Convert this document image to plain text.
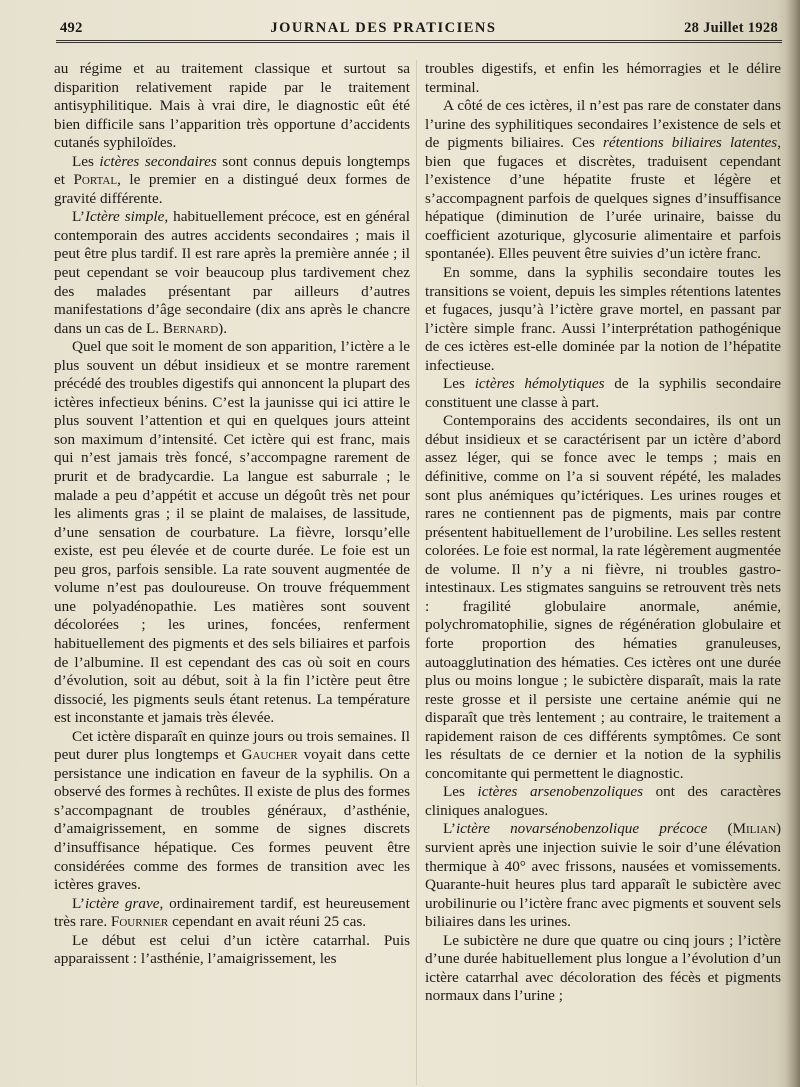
492	JOURNAL DES PRATICIENS	28 Juillet 1928

au régime et au traitement classique et surtout sa disparition relativement rapide par le traitement antisyphilitique. Mais à vrai dire, le diagnostic eût été bien difficile sans l’apparition très opportune d’accidents cutanés syphiloïdes.

Les ictères secondaires sont connus depuis longtemps et Portal, le premier en a distingué deux formes de gravité différente.

L’Ictère simple, habituellement précoce, est en général contemporain des autres accidents secondaires ; mais il peut être plus tardif. Il est rare après la première année ; il peut cependant se voir beaucoup plus tardivement chez des malades présentant par ailleurs d’autres manifestations d’âge secondaire (dix ans après le chancre dans un cas de L. Bernard).

Quel que soit le moment de son apparition, l’ictère a le plus souvent un début insidieux et se montre rarement précédé des troubles digestifs qui annoncent la plupart des ictères infectieux bénins. C’est la jaunisse qui ici attire le plus souvent l’attention et qui en quelques jours atteint son maximum d’intensité. Cet ictère qui est franc, mais qui n’est jamais très foncé, s’accompagne rarement de prurit et de bradycardie. La langue est saburrale ; le malade a peu d’appétit et accuse un dégoût très net pour les aliments gras ; il se plaint de malaises, de lassitude, d’une sensation de courbature. La fièvre, lorsqu’elle existe, est peu élevée et de courte durée. Le foie est un peu gros, parfois sensible. La rate souvent augmentée de volume n’est pas douloureuse. On trouve fréquemment une polyadénopathie. Les matières sont souvent décolorées ; les urines, foncées, renferment habituellement des pigments et des sels biliaires et parfois de l’albumine. Il est cependant des cas où soit en cours d’évolution, soit au début, soit à la fin l’ictère peut être dissocié, les pigments seuls étant retenus. La température est inconstante et jamais très élevée.

Cet ictère disparaît en quinze jours ou trois semaines. Il peut durer plus longtemps et Gaucher voyait dans cette persistance une indication en faveur de la syphilis. On a observé des formes à rechûtes. Il existe de plus des formes s’accompagnant de troubles généraux, d’asthénie, d’amaigrissement, en somme de signes discrets d’insuffisance hépatique. Ces formes peuvent être considérées comme des formes de transition avec les ictères graves.

L’ictère grave, ordinairement tardif, est heureusement très rare. Fournier cependant en avait réuni 25 cas.

Le début est celui d’un ictère catarrhal. Puis apparaissent : l’asthénie, l’amaigrissement, les

troubles digestifs, et enfin les hémorragies et le délire terminal.

A côté de ces ictères, il n’est pas rare de constater dans l’urine des syphilitiques secondaires l’existence de sels et de pigments biliaires. Ces rétentions biliaires latentes, bien que fugaces et discrètes, traduisent cependant l’existence d’une hépatite fruste et légère et s’accompagnent parfois de quelques signes d’insuffisance hépatique (diminution de l’urée urinaire, baisse du coefficient azoturique, glycosurie alimentaire et parfois spontanée). Elles peuvent être suivies d’un ictère franc.

En somme, dans la syphilis secondaire toutes les transitions se voient, depuis les simples rétentions latentes et fugaces, jusqu’à l’ictère grave mortel, en passant par l’ictère simple franc. Aussi l’interprétation pathogénique de ces ictères est-elle dominée par la notion de l’hépatite infectieuse.

Les ictères hémolytiques de la syphilis secondaire constituent une classe à part.

Contemporains des accidents secondaires, ils ont un début insidieux et se caractérisent par un ictère d’abord assez léger, qui se fonce avec le temps ; mais en définitive, comme on l’a si souvent répété, les malades sont plus anémiques qu’ictériques. Les urines rouges et rares ne contiennent pas de pigments, mais par contre présentent habituellement de l’urobiline. Les selles restent colorées. Le foie est normal, la rate légèrement augmentée de volume. Il n’y a ni fièvre, ni troubles gastro-intestinaux. Les stigmates sanguins se retrouvent très nets : fragilité globulaire anormale, anémie, polychromatophilie, signes de régénération globulaire et forte proportion des hématies granuleuses, autoagglutination des hématies. Ces ictères ont une durée plus ou moins longue ; le subictère disparaît, mais la rate reste grosse et il persiste une certaine anémie qui ne disparaît que très lentement ; au contraire, le traitement a rapidement raison de ces différents symptômes. Ce sont les résultats de ce dernier et la notion de la syphilis concomitante qui permettent le diagnostic.

Les ictères arsenobenzoliques ont des caractères cliniques analogues.

L’ictère novarsénobenzolique précoce (Milian) survient après une injection suivie le soir d’une élévation thermique à 40° avec frissons, nausées et vomissements. Quarante-huit heures plus tard apparaît le subictère avec urobilinurie ou l’ictère franc avec pigments et souvent sels biliaires dans les urines.

Le subictère ne dure que quatre ou cinq jours ; l’ictère d’une durée habituellement plus longue a l’évolution d’un ictère catarrhal avec décoloration des fécès et pigments normaux dans l’urine ;
